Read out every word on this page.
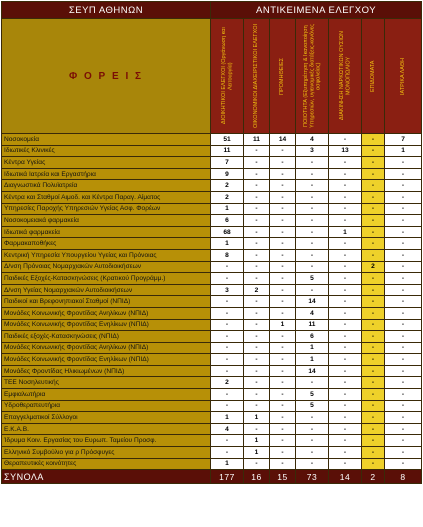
ΣΕΥΠ ΑΘΗΝΩΝ	ΑΝΤΙΚΕΙΜΕΝΑ ΕΛΕΓΧΟΥ						
Φ Ο Ρ Ε Ι Σ	ΔΙΟΙΚΗΤΙΚΟΙ ΕΛΕΓΧΟΙ (Οργάνωση και Λειτουργία)	ΟΙΚΟΝΟΜΙΚΟΙ ΔΙΑΧΕΙΡΙΣΤΙΚΟΙ ΕΛΕΓΧΟΙ	ΠΡΟΜΗΘΕΙΕΣ	ΠΟΙΟΤΗΤΑ (Εξυπηρέτηση & Ικανοποίηση Υπηρεσιών, υγιεινομικές διατάξεις-κανόνες ασφαλείας)	ΔΙΑΚΙΝΗΣΗ ΝΑΡΚΩΤΙΚΩΝ ΟΥΣΙΩΝ ΜΟΝΟΠΩΛΙΟΥ	ΕΠΙΔΟΜΑΤΑ	ΙΑΤΡΙΚΑ ΛΑΘΗ

Νοσοκομεία	51	11	14	4	-	-	7
Ιδιωτικές Κλινικές	11	-	-	3	13	-	1
Κέντρα Υγείας	7	-	-	-	-	-	-
Ιδιωτικά Ιατρεία και Εργαστήρια	9	-	-	-	-	-	-
Διαγνωστικά Πολυϊατρεία	2	-	-	-	-	-	-
Κέντρα και Σταθμοί Αιμοδ. και Κέντρα Παραγ. Αίματος	2	-	-	-	-	-	-
Υπηρεσίες Παροχής Υπηρεσιών Υγείας Ασφ. Φορέων	1	-	-	-	-	-	-
Νοσοκομειακά φαρμακεία	6	-	-	-	-	-	-
Ιδιωτικά φαρμακεία	68	-	-	-	1	-	-
Φαρμακαποθήκες	1	-	-	-	-	-	-
Κεντρική Υπηρεσία Υπουργείου Υγείας και Πρόνοιας	8	-	-	-	-	-	-
Δ/νση Πρόνοιας Νομαρχιακών Αυτοδιοικήσεων	-	-	-	-	-	2	-
Παιδικές Εξοχές-Κατασκηνώσεις (Κρατικού Προγράμμ.)	-	-	-	5	-	-	-
Δ/νση Υγείας Νομαρχιακών Αυτοδιοικήσεων	3	2	-	-	-	-	-
Παιδικοί και Βρεφονηπιακοί Σταθμοί (ΝΠΙΔ)	-	-	-	14	-	-	-
Μονάδες Κοινωνικής Φροντίδας Ανηλίκων (ΝΠΙΔ)	-	-	-	4	-	-	-
Μονάδες Κοινωνικής Φροντίδας Ενηλίκων (ΝΠΙΔ)	-	-	1	11	-	-	-
Παιδικές εξοχές-Κατασκηνώσεις (ΝΠΙΔ)	-	-	-	6	-	-	-
Μονάδες Κοινωνικής Φροντίδας Ανηλίκων (ΝΠΙΔ)	-	-	-	1	-	-	-
Μονάδες Κοινωνικής Φροντίδας Ενηλίκων (ΝΠΙΔ)	-	-	-	1	-	-	-
Μονάδες Φροντίδας Ηλικιωμένων (ΝΠΙΔ)	-	-	-	14	-	-	-
ΤΕΕ Νοσηλευτικής	2	-	-	-	-	-	-
Εμφιαλωτήρια	-	-	-	5	-	-	-
Υδροθεραπευτήρια	-	-	-	5	-	-	-
Επαγγελματικοί Σύλλογοι	1	1	-	-	-	-	-
Ε.Κ.Α.Β.	4	-	-	-	-	-	-
Ίδρυμα Κοιν. Εργασίας του Ευρωπ. Ταμείου Προσφ.	-	1	-	-	-	-	-
Ελληνικό Συμβούλιο για ρ Πρόσφυγες	-	1	-	-	-	-	-
Θεραπευτικές κοινότητες	1	-	-	-	-	-	-
ΣΥΝΟΛΑ	177	16	15	73	14	2	8
